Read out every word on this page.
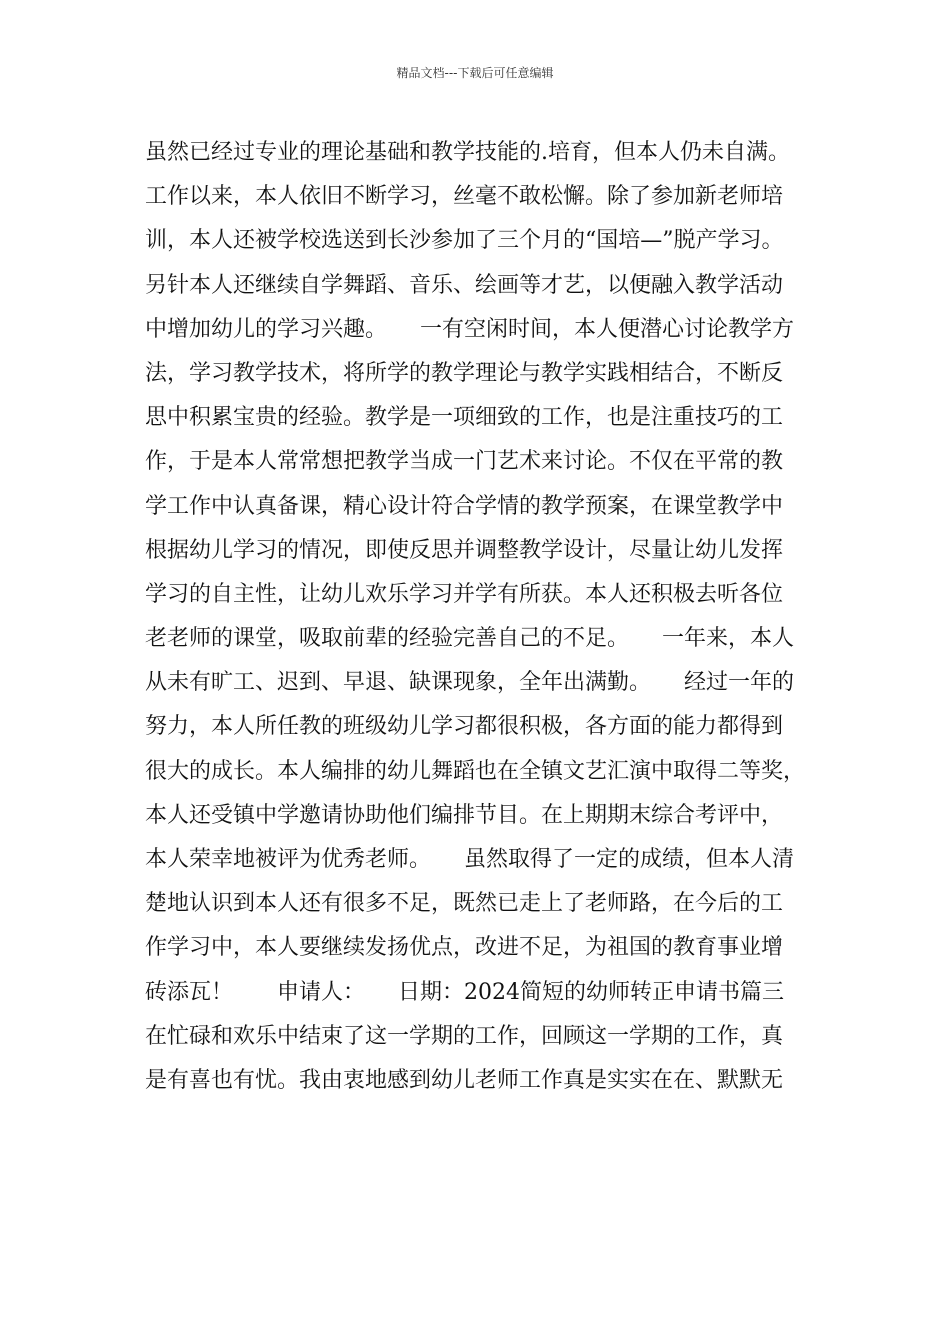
精品文档---下载后可任意编辑
虽然已经过专业的理论基础和教学技能的.培育，但本人仍未自满。
工作以来，本人依旧不断学习，丝毫不敢松懈。除了参加新老师培
训，本人还被学校选送到长沙参加了三个月的“国培—”脱产学习。
另针本人还继续自学舞蹈、音乐、绘画等才艺，以便融入教学活动
中增加幼儿的学习兴趣。　　一有空闲时间，本人便潜心讨论教学方
法，学习教学技术，将所学的教学理论与教学实践相结合，不断反
思中积累宝贵的经验。教学是一项细致的工作，也是注重技巧的工
作，于是本人常常想把教学当成一门艺术来讨论。不仅在平常的教
学工作中认真备课，精心设计符合学情的教学预案，在课堂教学中
根据幼儿学习的情况，即使反思并调整教学设计，尽量让幼儿发挥
学习的自主性，让幼儿欢乐学习并学有所获。本人还积极去听各位
老老师的课堂，吸取前辈的经验完善自己的不足。　　一年来，本人
从未有旷工、迟到、早退、缺课现象，全年出满勤。　　经过一年的
努力，本人所任教的班级幼儿学习都很积极，各方面的能力都得到
很大的成长。本人编排的幼儿舞蹈也在全镇文艺汇演中取得二等奖，
本人还受镇中学邀请协助他们编排节目。在上期期末综合考评中，
本人荣幸地被评为优秀老师。　　虽然取得了一定的成绩，但本人清
楚地认识到本人还有很多不足，既然已走上了老师路，在今后的工
作学习中，本人要继续发扬优点，改进不足，为祖国的教育事业增
砖添瓦！　　申请人：　　日期：2024简短的幼师转正申请书篇三
在忙碌和欢乐中结束了这一学期的工作，回顾这一学期的工作，真
是有喜也有忧。我由衷地感到幼儿老师工作真是实实在在、默默无
